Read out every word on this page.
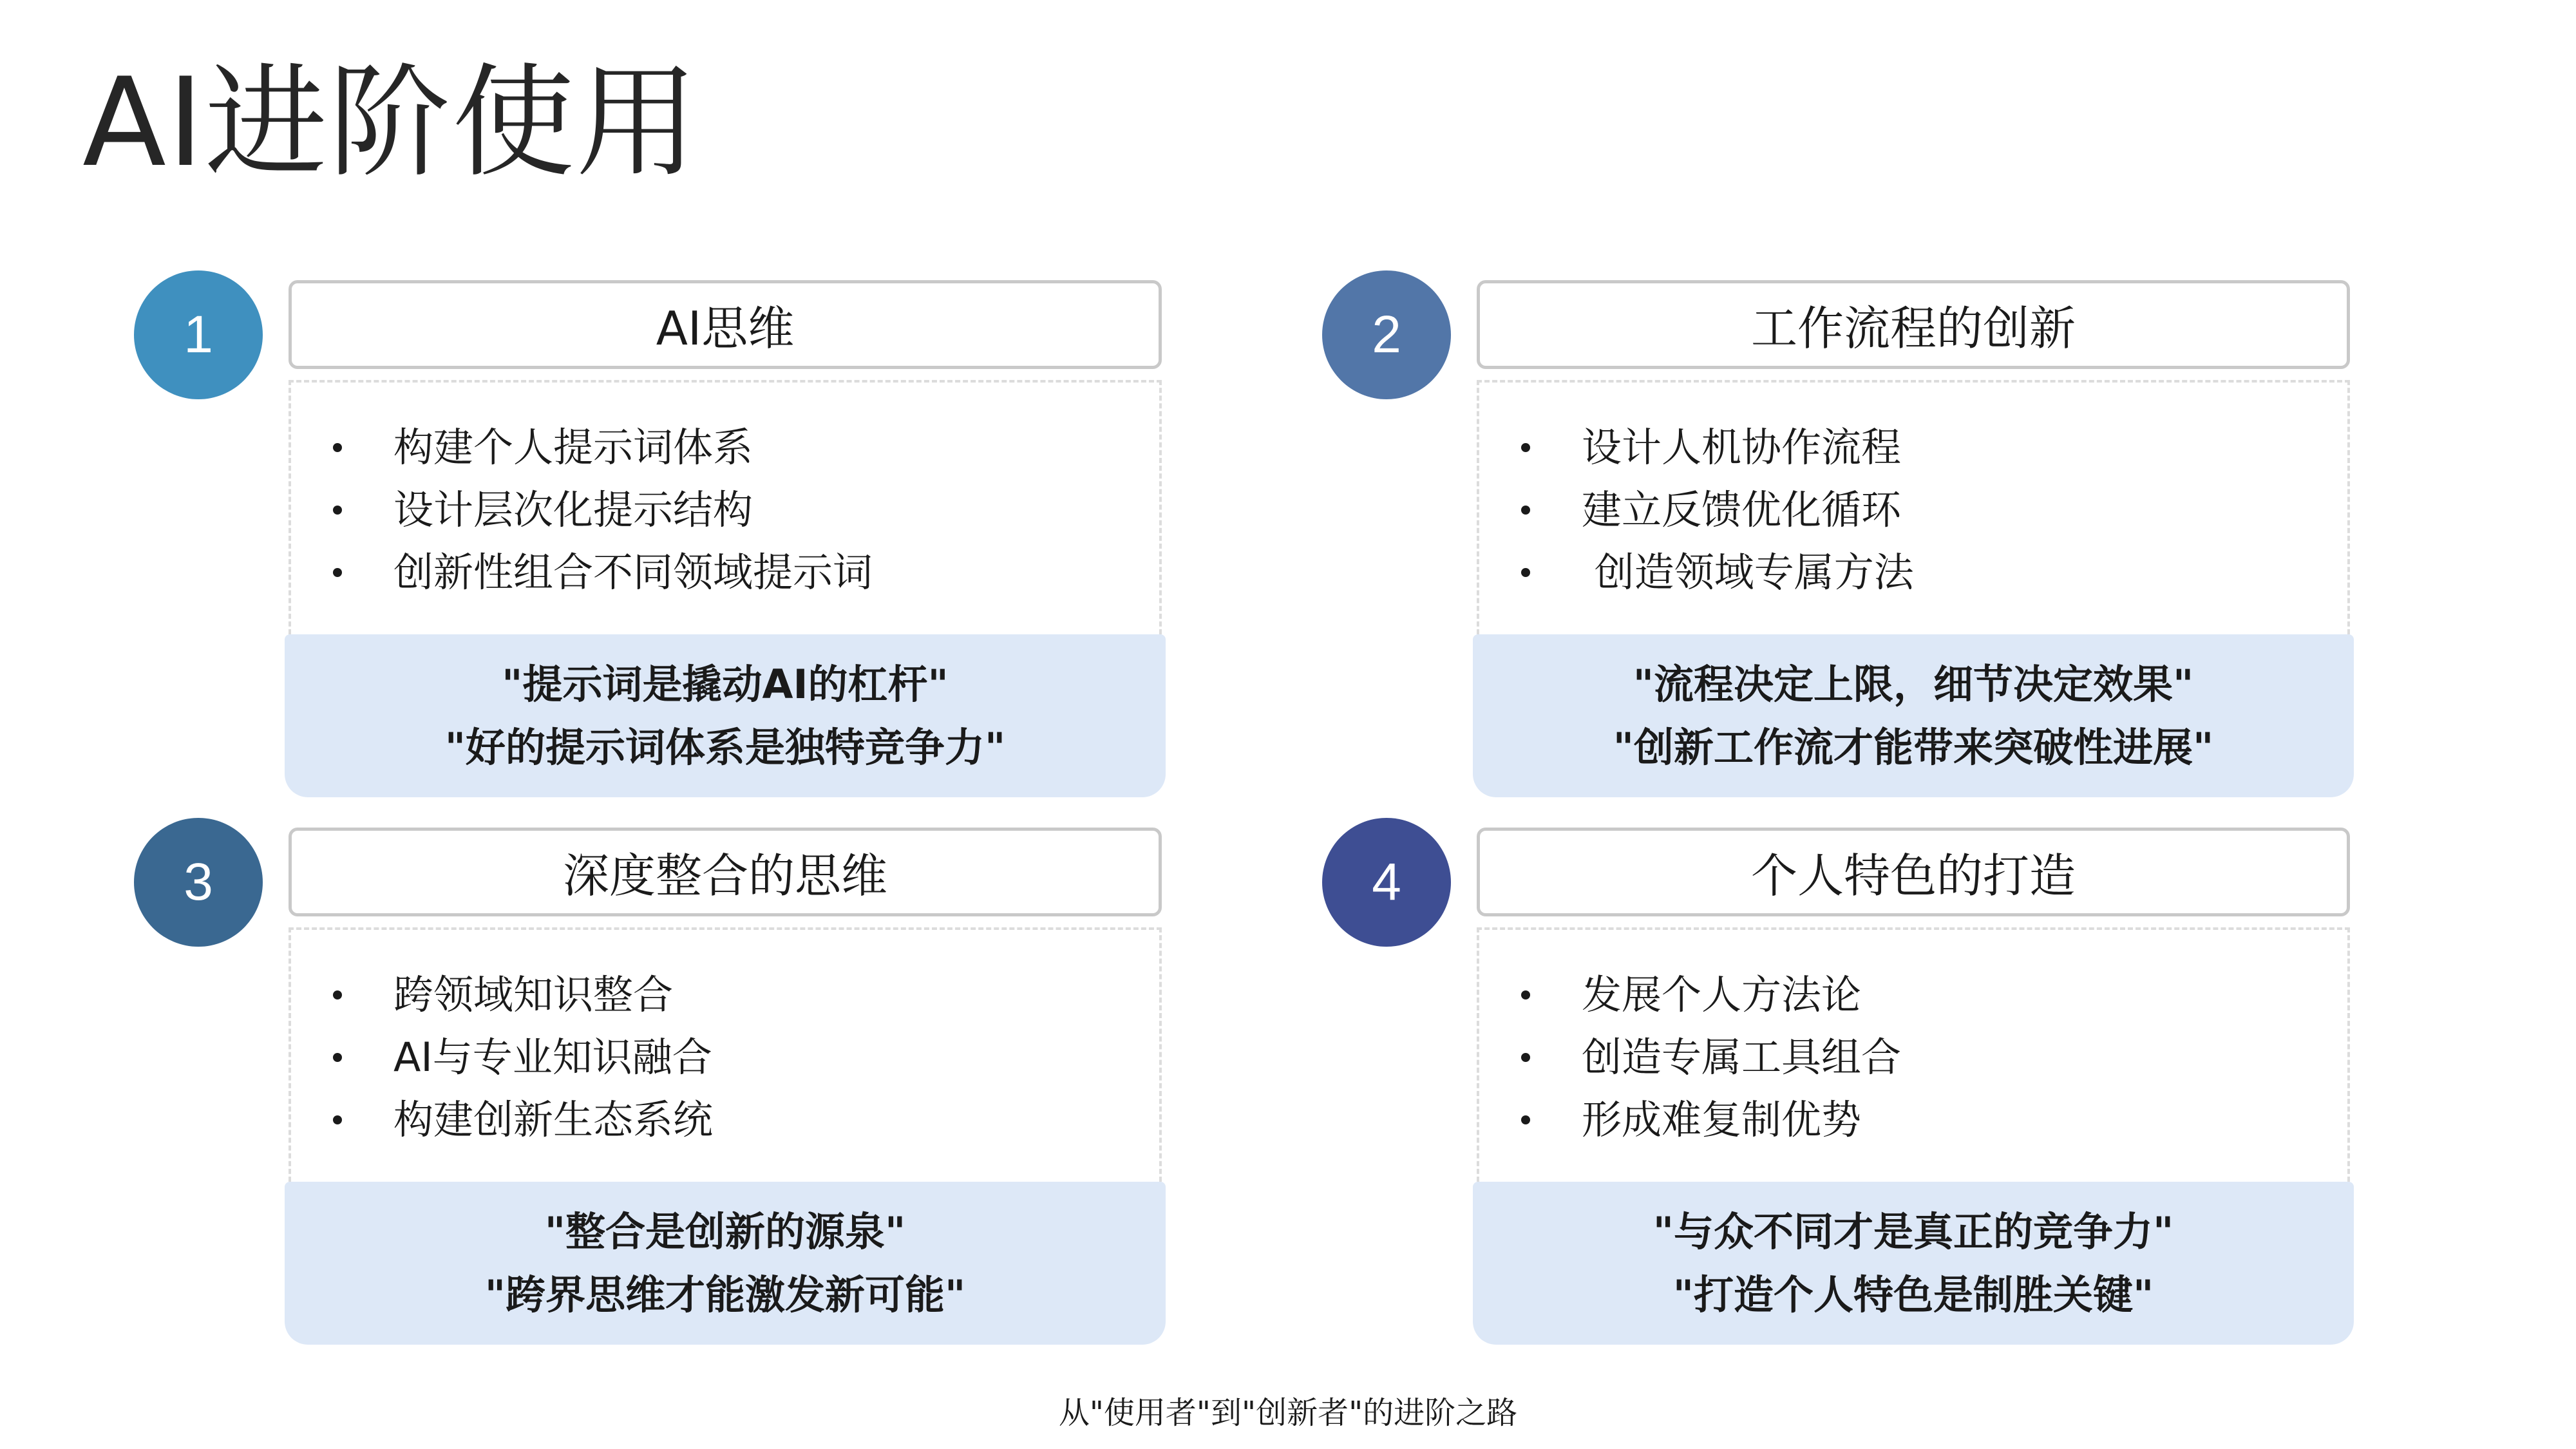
AI进阶使用
1	AI思维
构建个人提示词体系
设计层次化提示结构
创新性组合不同领域提示词
"提示词是撬动AI的杠杆"
"好的提示词体系是独特竞争力"
2	工作流程的创新
设计人机协作流程
建立反馈优化循环
创造领域专属方法
"流程决定上限，细节决定效果"
"创新工作流才能带来突破性进展"
3	深度整合的思维
跨领域知识整合
AI与专业知识融合
构建创新生态系统
"整合是创新的源泉"
"跨界思维才能激发新可能"
4	个人特色的打造
发展个人方法论
创造专属工具组合
形成难复制优势
"与众不同才是真正的竞争力"
"打造个人特色是制胜关键"
从"使用者"到"创新者"的进阶之路
